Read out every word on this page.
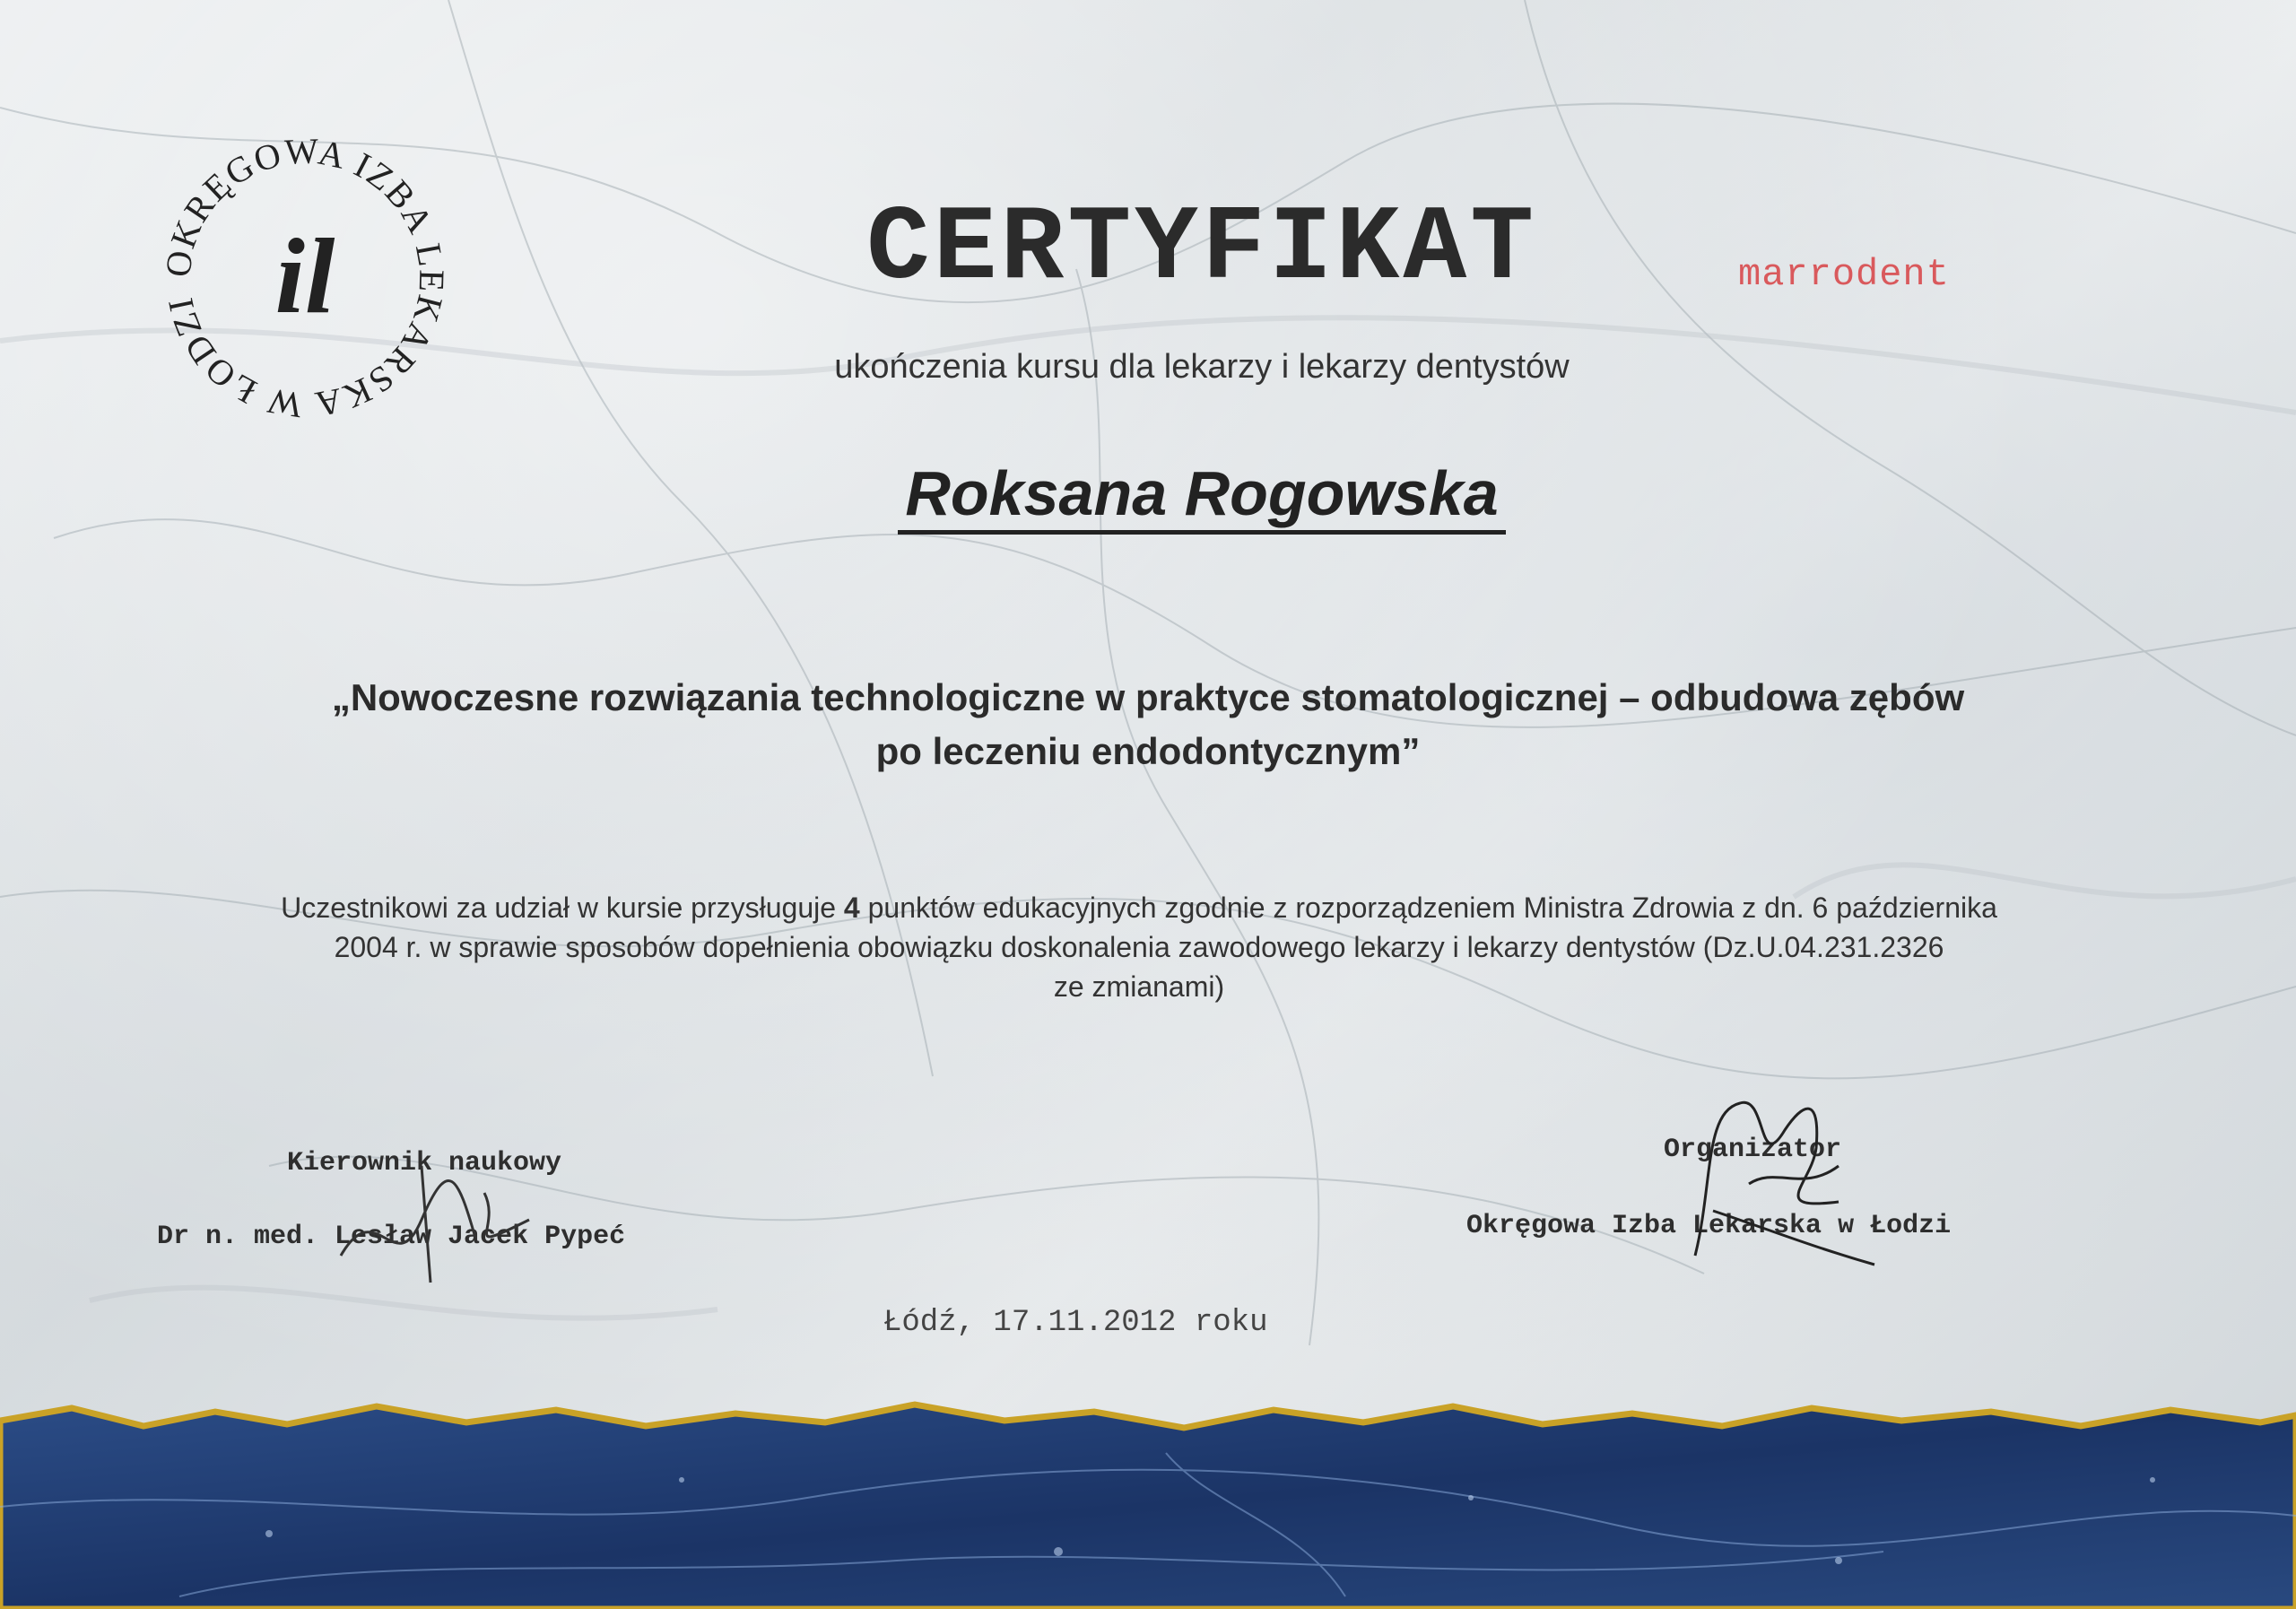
OKRĘGOWA IZBA LEKARSKA W ŁODZI il	CERTYFIKAT
ukończenia kursu dla lekarzy i lekarzy dentystów
marrodent
Roksana Rogowska
„Nowoczesne rozwiązania technologiczne w praktyce stomatologicznej – odbudowa zębów
po leczeniu endodontycznym”
Uczestnikowi za udział w kursie przysługuje 4 punktów edukacyjnych zgodnie z rozporządzeniem Ministra Zdrowia z dn. 6 października
2004 r. w sprawie sposobów dopełnienia obowiązku doskonalenia zawodowego lekarzy i lekarzy dentystów (Dz.U.04.231.2326
ze zmianami)
Kierownik naukowy
Dr n. med. Lesław Jacek Pypeć
Organizator
Okręgowa Izba Lekarska w Łodzi
Łódź, 17.11.2012 roku
